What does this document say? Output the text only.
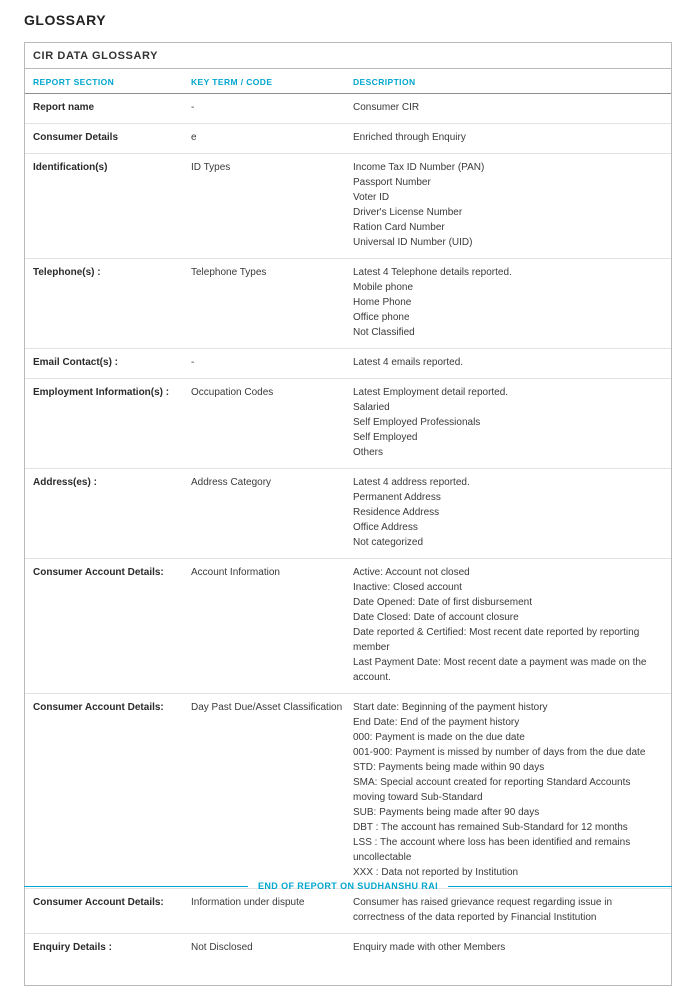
GLOSSARY
CIR DATA GLOSSARY
REPORT SECTION	KEY TERM / CODE	DESCRIPTION
Report name	-	Consumer CIR
Consumer Details	e	Enriched through Enquiry
Identification(s)	ID Types	Income Tax ID Number (PAN)
Passport Number
Voter ID
Driver's License Number
Ration Card Number
Universal ID Number (UID)
Telephone(s) :	Telephone Types	Latest 4 Telephone details reported.
Mobile phone
Home Phone
Office phone
Not Classified
Email Contact(s) :	-	Latest 4 emails reported.
Employment Information(s) :	Occupation Codes	Latest Employment detail reported.
Salaried
Self Employed Professionals
Self Employed
Others
Address(es) :	Address Category	Latest 4 address reported.
Permanent Address
Residence Address
Office Address
Not categorized
Consumer Account Details:	Account Information	Active: Account not closed
Inactive: Closed account
Date Opened: Date of first disbursement
Date Closed: Date of account closure
Date reported & Certified: Most recent date reported by reporting member
Last Payment Date: Most recent date a payment was made on the account.
Consumer Account Details:	Day Past Due/Asset Classification	Start date: Beginning of the payment history
End Date: End of the payment history
000: Payment is made on the due date
001-900: Payment is missed by number of days from the due date
STD: Payments being made within 90 days
SMA: Special account created for reporting Standard Accounts moving toward Sub-Standard
SUB: Payments being made after 90 days
DBT : The account has remained Sub-Standard for 12 months
LSS : The account where loss has been identified and remains uncollectable
XXX : Data not reported by Institution
Consumer Account Details:	Information under dispute	Consumer has raised grievance request regarding issue in correctness of the data reported by Financial Institution
Enquiry Details :	Not Disclosed	Enquiry made with other Members
END OF REPORT ON SUDHANSHU RAI
